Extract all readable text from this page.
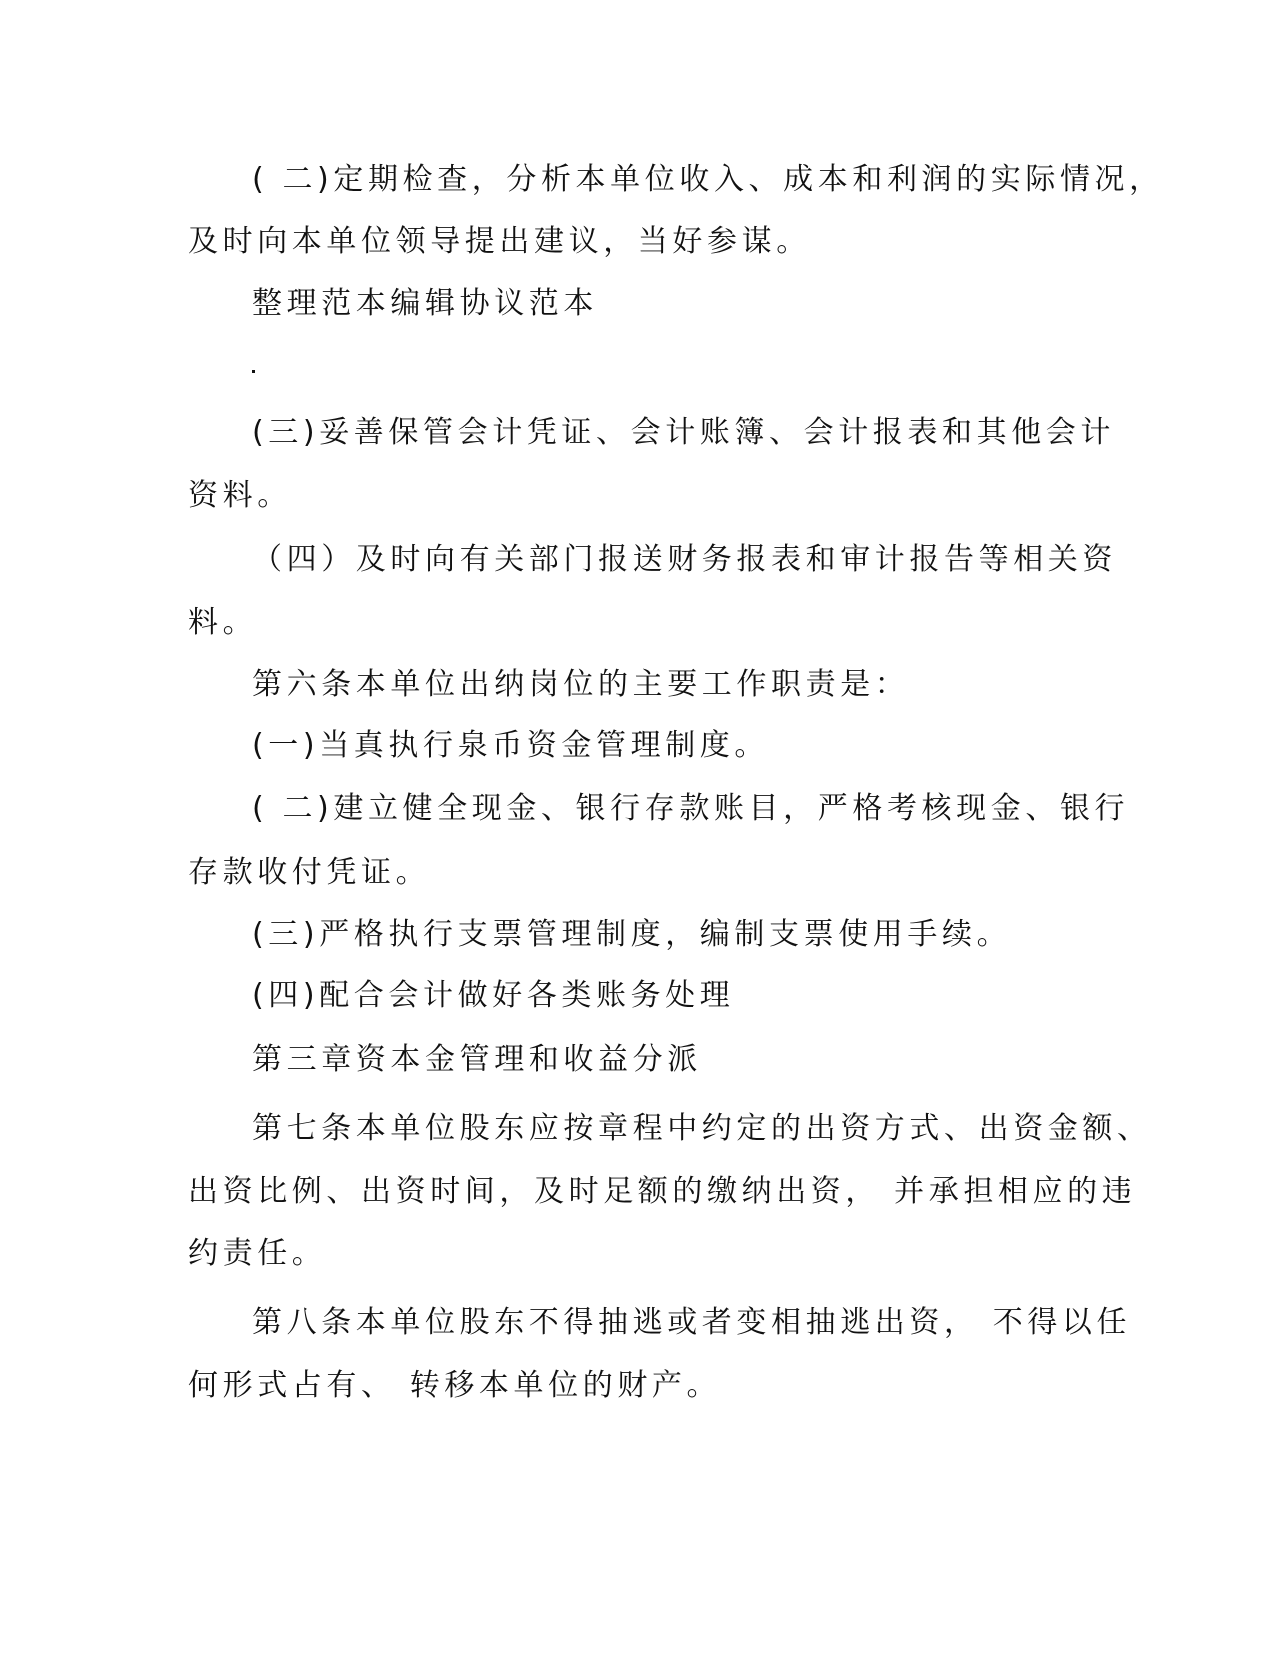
( 二)定期检查，分析本单位收入、成本和利润的实际情况，

及时向本单位领导提出建议，当好参谋。

整理范本编辑协议范本

(三)妥善保管会计凭证、会计账簿、会计报表和其他会计

资料。

（四）及时向有关部门报送财务报表和审计报告等相关资

料。

第六条本单位出纳岗位的主要工作职责是：

(一)当真执行泉币资金管理制度。

( 二)建立健全现金、银行存款账目，严格考核现金、银行

存款收付凭证。

(三)严格执行支票管理制度，编制支票使用手续。

(四)配合会计做好各类账务处理

第三章资本金管理和收益分派

第七条本单位股东应按章程中约定的出资方式、出资金额、

出资比例、出资时间，及时足额的缴纳出资， 并承担相应的违

约责任。

第八条本单位股东不得抽逃或者变相抽逃出资， 不得以任

何形式占有、 转移本单位的财产。
